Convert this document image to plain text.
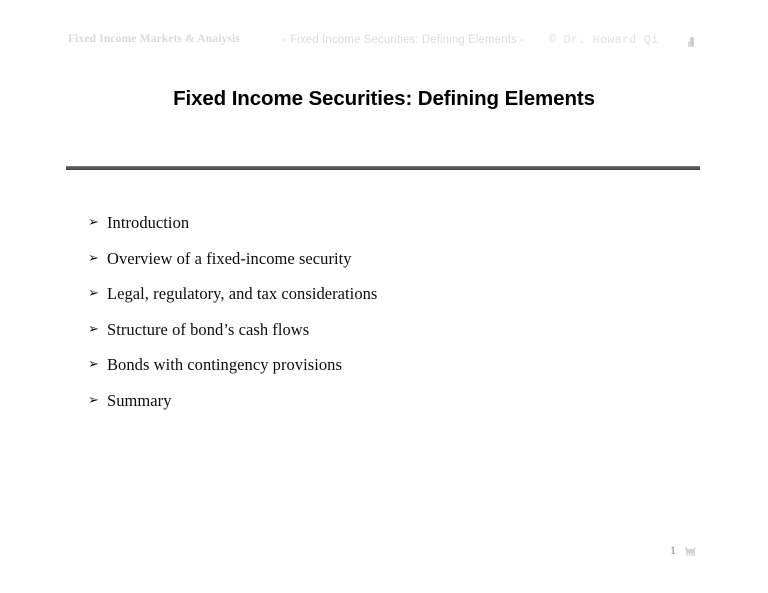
Fixed Income Markets & Analysis	- Fixed Income Securities: Defining Elements - © Dr. Howard Qi
Fixed Income Securities: Defining Elements
➢ Introduction
➢ Overview of a fixed-income security
➢ Legal, regulatory, and tax considerations
➢ Structure of bond’s cash flows
➢ Bonds with contingency provisions
➢ Summary
1
